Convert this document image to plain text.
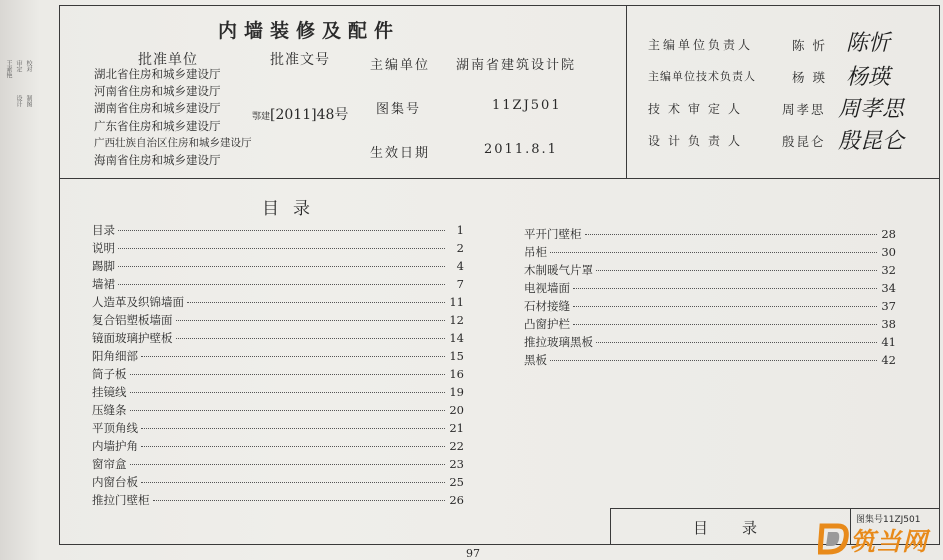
王素艳 审定
设计
校对
制图
内墙装修及配件
批准单位	批准文号
湖北省住房和城乡建设厅
河南省住房和城乡建设厅
湖南省住房和城乡建设厅
广东省住房和城乡建设厅
广西壮族自治区住房和城乡建设厅
海南省住房和城乡建设厅
鄂建[2011]48号
主编单位 湖南省建筑设计院
图集号	11ZJ501
生效日期	2011.8.1
主编单位负责人	陈 忻 陈忻
主编单位技术负责人	杨 瑛 杨瑛
技术审定人	周孝思 周孝思
设计负责人	殷昆仑 殷昆仑
目录
目录	1
说明	2
踢脚	4
墙裙	7
人造革及织锦墙面	11
复合铝塑板墙面	12
镜面玻璃护壁板	14
阳角细部	15
筒子板	16
挂镜线	19
压缝条	20
平顶角线	21
内墙护角	22
窗帘盒	23
内窗台板	25
推拉门壁柜	26
平开门壁柜	28
吊柜	30
木制暖气片罩	32
电视墙面	34
石材接缝	37
凸窗护栏	38
推拉玻璃黑板	41
黑板	42
目录	图集号11ZJ501
97	筑当网
